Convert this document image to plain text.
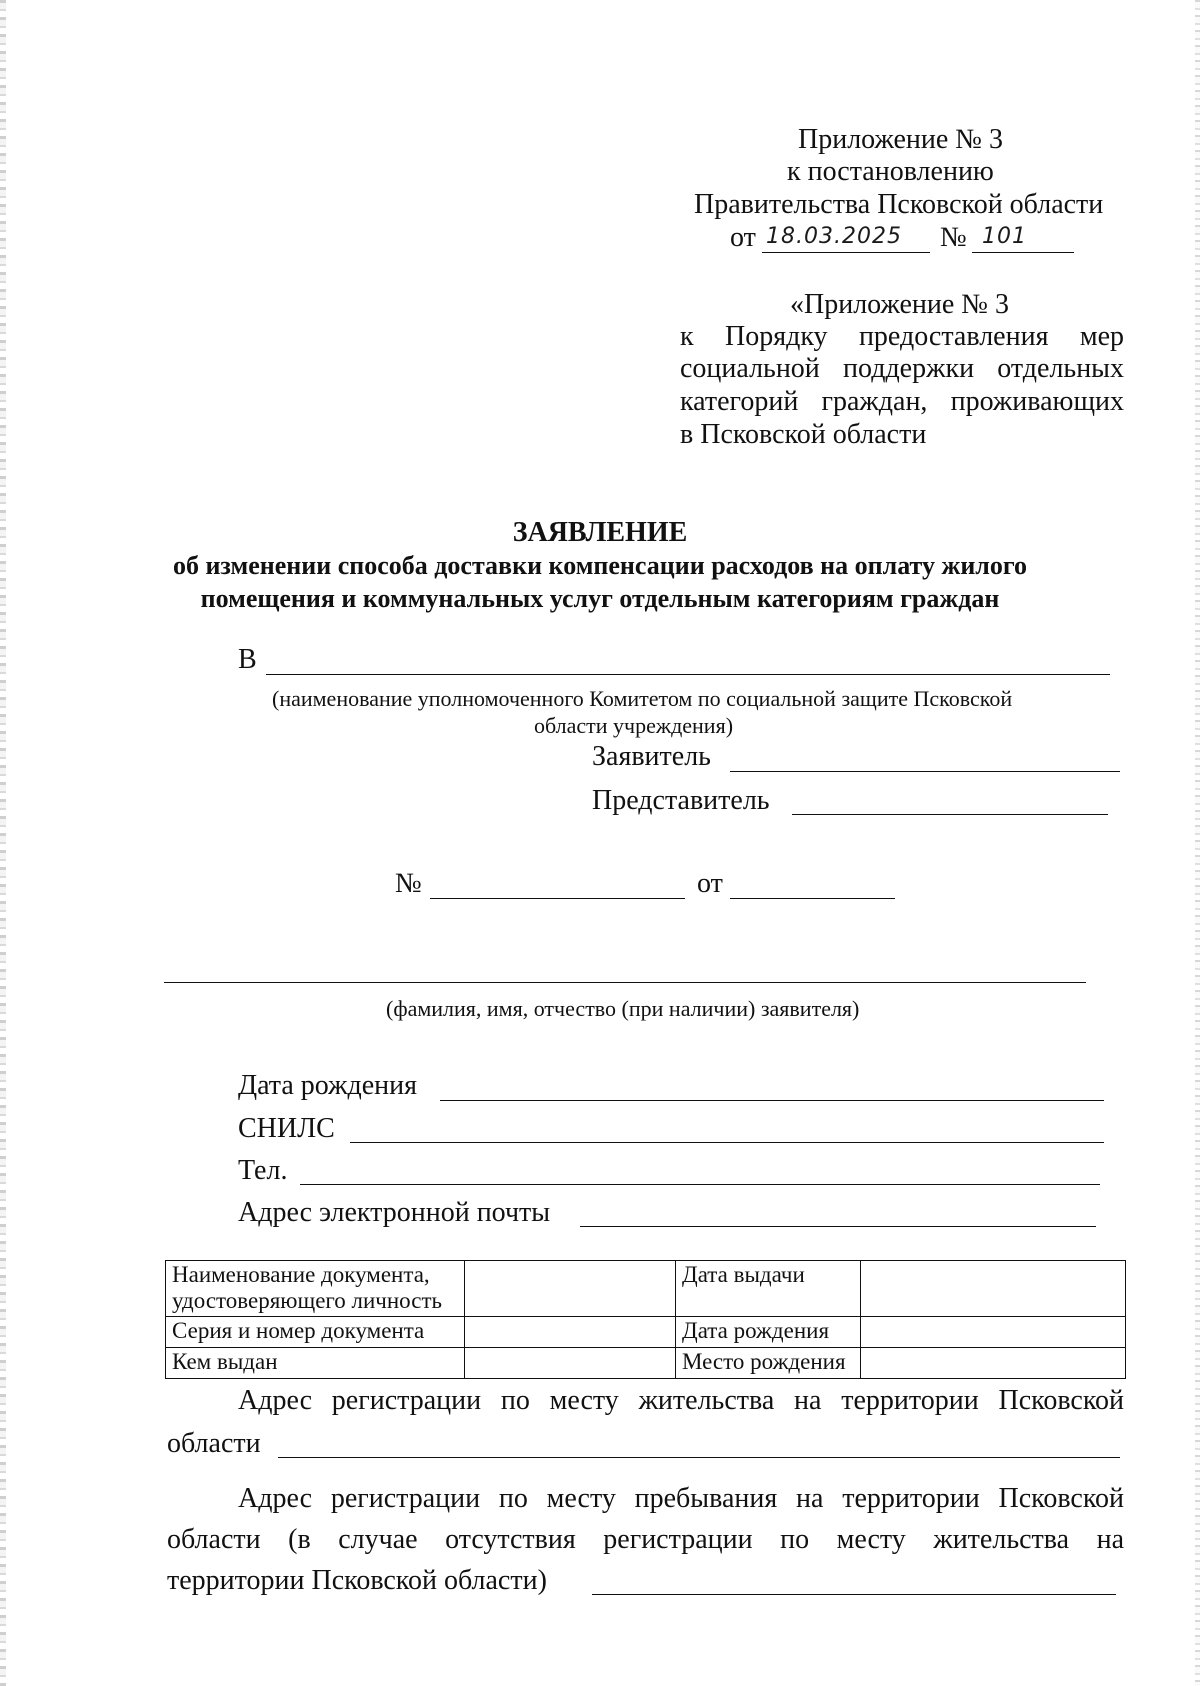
Приложение № 3
к постановлению
Правительства Псковской области
от 18.03.2025 № 101
«Приложение № 3
к Порядку предоставления мер
социальной поддержки отдельных
категорий граждан, проживающих
в Псковской области
ЗАЯВЛЕНИЕ
об изменении способа доставки компенсации расходов на оплату жилого
помещения и коммунальных услуг отдельным категориям граждан
В
(наименование уполномоченного Комитетом по социальной защите Псковской
области учреждения)
Заявитель
Представитель
№	от
(фамилия, имя, отчество (при наличии) заявителя)
Дата рождения
СНИЛС
Тел.
Адрес электронной почты
Наименование документа, удостоверяющего личность		Дата выдачи	
Серия и номер документа		Дата рождения	
Кем выдан		Место рождения	
Адрес регистрации по месту жительства на территории Псковской
области
Адрес регистрации по месту пребывания на территории Псковской
области (в случае отсутствия регистрации по месту жительства на
территории Псковской области)
